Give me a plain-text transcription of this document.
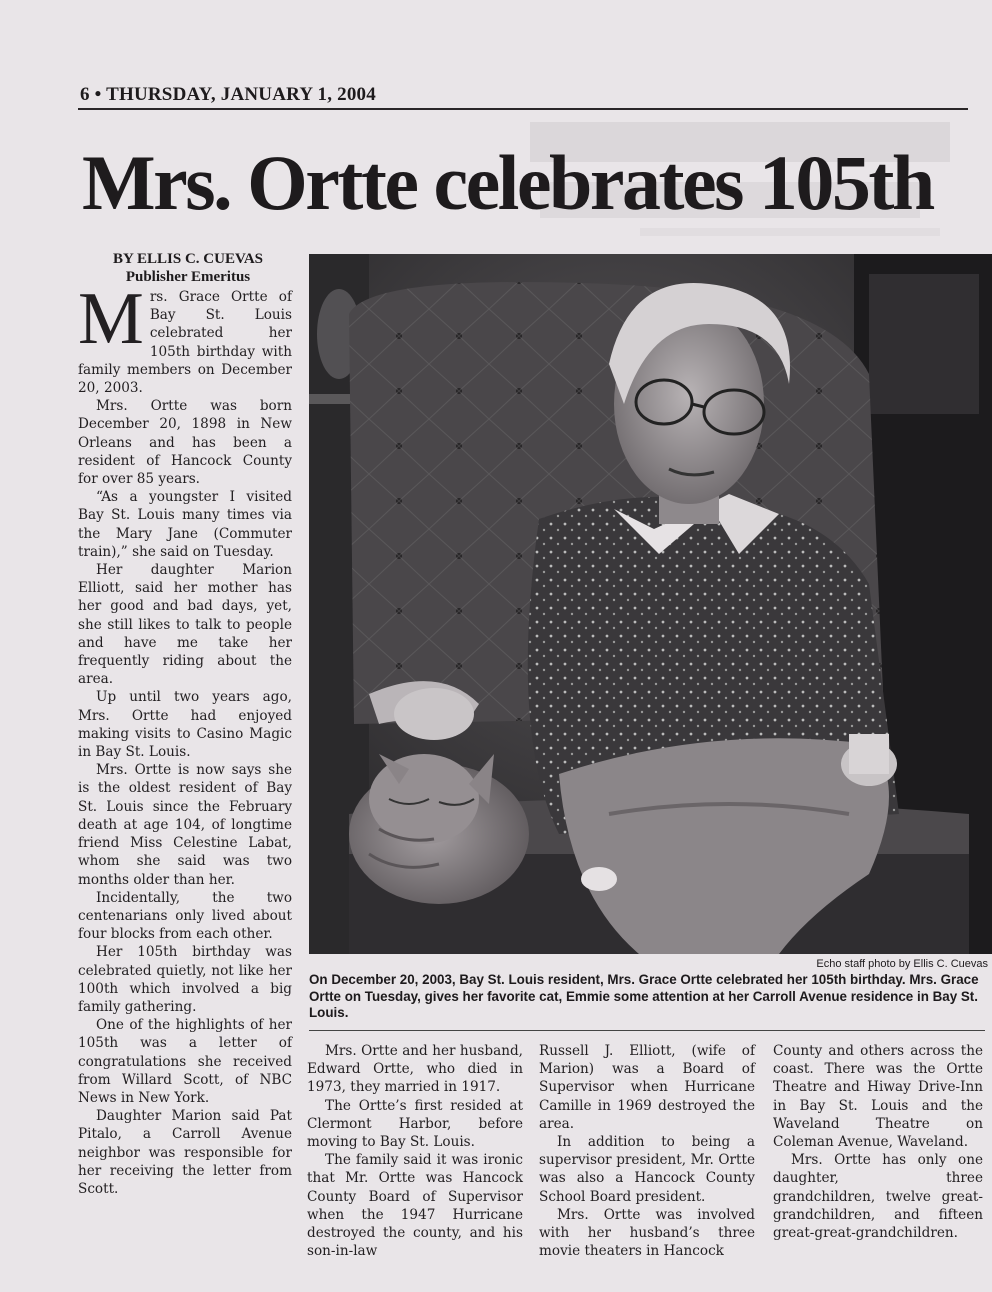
6 • THURSDAY, JANUARY 1, 2004
Mrs. Ortte celebrates 105th
BY ELLIS C. CUEVAS
Publisher Emeritus

Mrs. Grace Ortte of Bay St. Louis celebrated her 105th birthday with family members on December 20, 2003.

Mrs. Ortte was born December 20, 1898 in New Orleans and has been a resident of Hancock County for over 85 years.

“As a youngster I visited Bay St. Louis many times via the Mary Jane (Commuter train),” she said on Tuesday.

Her daughter Marion Elliott, said her mother has her good and bad days, yet, she still likes to talk to people and have me take her frequently riding about the area.

Up until two years ago, Mrs. Ortte had enjoyed making visits to Casino Magic in Bay St. Louis.

Mrs. Ortte is now says she is the oldest resident of Bay St. Louis since the February death at age 104, of longtime friend Miss Celestine Labat, whom she said was two months older than her.

Incidentally, the two centenarians only lived about four blocks from each other.

Her 105th birthday was celebrated quietly, not like her 100th which involved a big family gathering.

One of the highlights of her 105th was a letter of congratulations she received from Willard Scott, of NBC News in New York.

Daughter Marion said Pat Pitalo, a Carroll Avenue neighbor was responsible for her receiving the letter from Scott.

Echo staff photo by Ellis C. Cuevas
On December 20, 2003, Bay St. Louis resident, Mrs. Grace Ortte celebrated her 105th birthday. Mrs. Grace Ortte on Tuesday, gives her favorite cat, Emmie some attention at her Carroll Avenue residence in Bay St. Louis.

Mrs. Ortte and her husband, Edward Ortte, who died in 1973, they married in 1917.

The Ortte’s first resided at Clermont Harbor, before moving to Bay St. Louis.

The family said it was ironic that Mr. Ortte was Hancock County Board of Supervisor when the 1947 Hurricane destroyed the county, and his son-in-law

Russell J. Elliott, (wife of Marion) was a Board of Supervisor when Hurricane Camille in 1969 destroyed the area.

In addition to being a supervisor president, Mr. Ortte was also a Hancock County School Board president.

Mrs. Ortte was involved with her husband’s three movie theaters in Hancock

County and others across the coast. There was the Ortte Theatre and Hiway Drive-Inn in Bay St. Louis and the Waveland Theatre on Coleman Avenue, Waveland.

Mrs. Ortte has only one daughter, three grandchildren, twelve great-grandchildren, and fifteen great-great-grandchildren.
